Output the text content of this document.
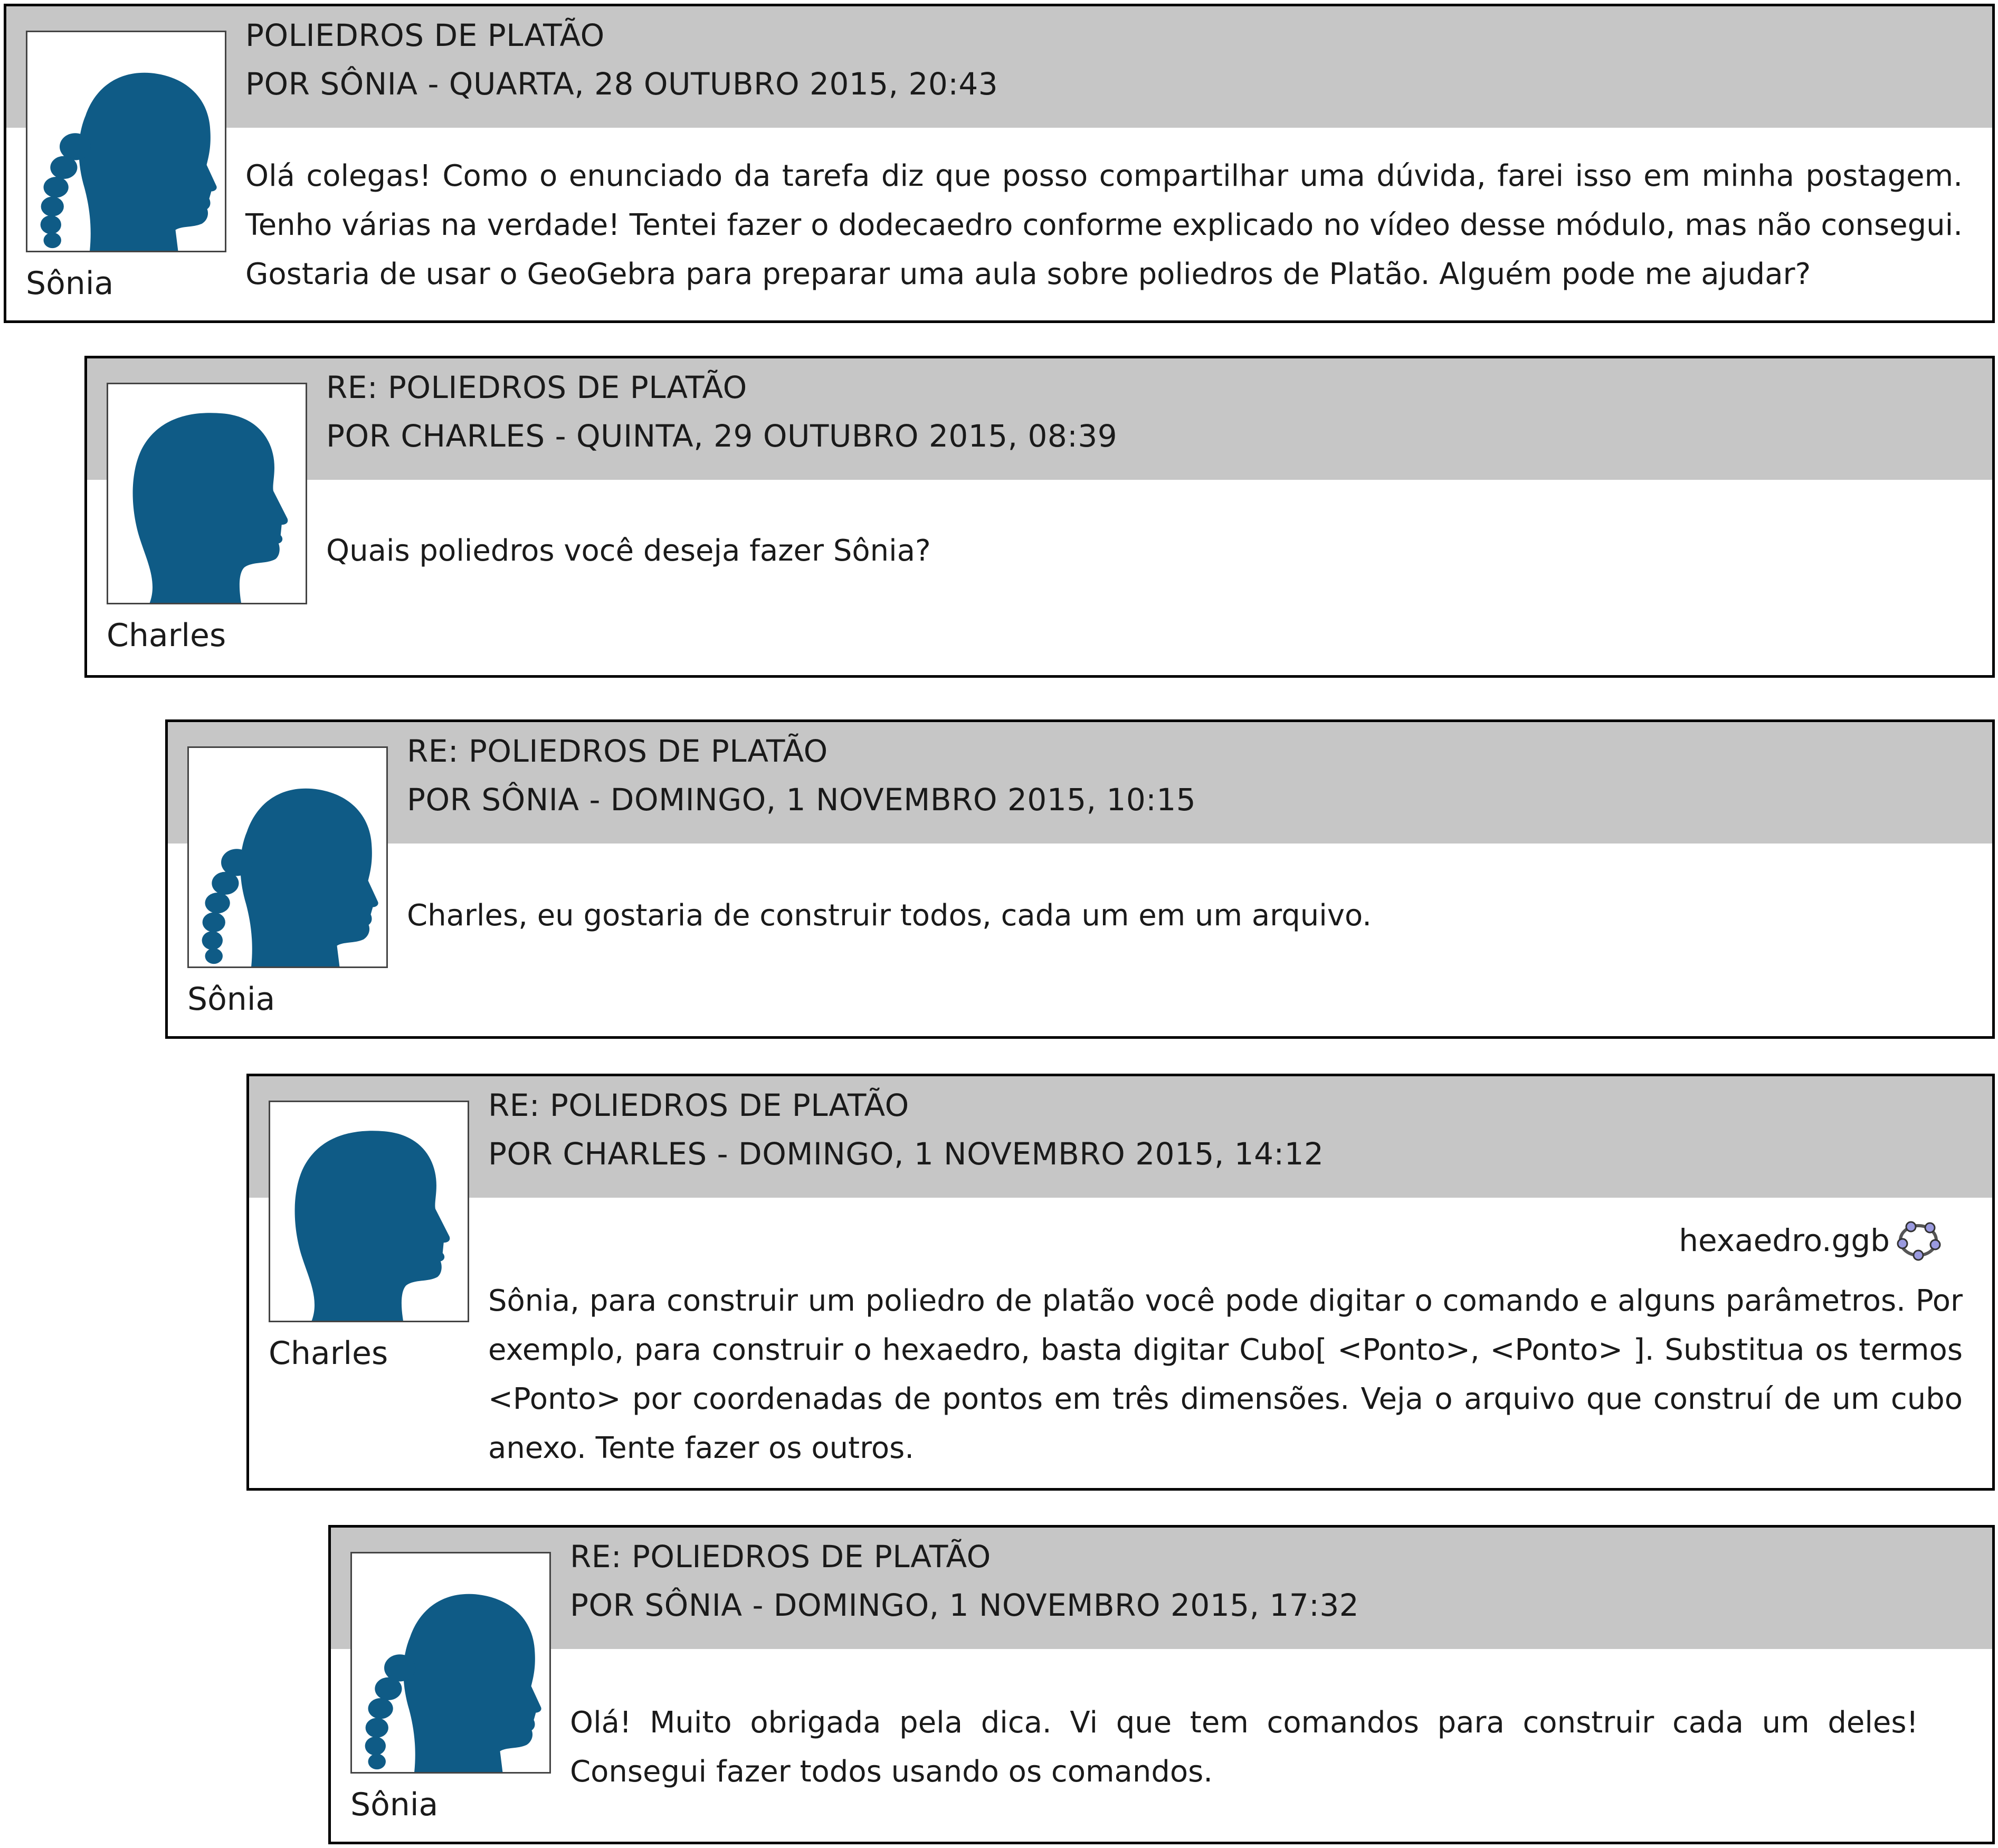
POLIEDROS DE PLATÃO
POR SÔNIA - QUARTA, 28 OUTUBRO 2015, 20:43
Sônia
Olá colegas! Como o enunciado da tarefa diz que posso compartilhar uma dúvida, farei isso em minha postagem. Tenho várias na verdade! Tentei fazer o dodecaedro conforme explicado no vídeo desse módulo, mas não consegui. Gostaria de usar o GeoGebra para preparar uma aula sobre poliedros de Platão. Alguém pode me ajudar?
RE: POLIEDROS DE PLATÃO
POR CHARLES - QUINTA, 29 OUTUBRO 2015, 08:39
Charles
Quais poliedros você deseja fazer Sônia?
RE: POLIEDROS DE PLATÃO
POR SÔNIA - DOMINGO, 1 NOVEMBRO 2015, 10:15
Sônia
Charles, eu gostaria de construir todos, cada um em um arquivo.
RE: POLIEDROS DE PLATÃO
POR CHARLES - DOMINGO, 1 NOVEMBRO 2015, 14:12
Charles
hexaedro.ggb
Sônia, para construir um poliedro de platão você pode digitar o comando e alguns parâmetros. Por exemplo, para construir o hexaedro, basta digitar Cubo[ <Ponto>, <Ponto> ]. Substitua os termos <Ponto> por coordenadas de pontos em três dimensões. Veja o arquivo que construí de um cubo anexo. Tente fazer os outros.
RE: POLIEDROS DE PLATÃO
POR SÔNIA - DOMINGO, 1 NOVEMBRO 2015, 17:32
Sônia
Olá! Muito obrigada pela dica. Vi que tem comandos para construir cada um deles! Consegui fazer todos usando os comandos.
